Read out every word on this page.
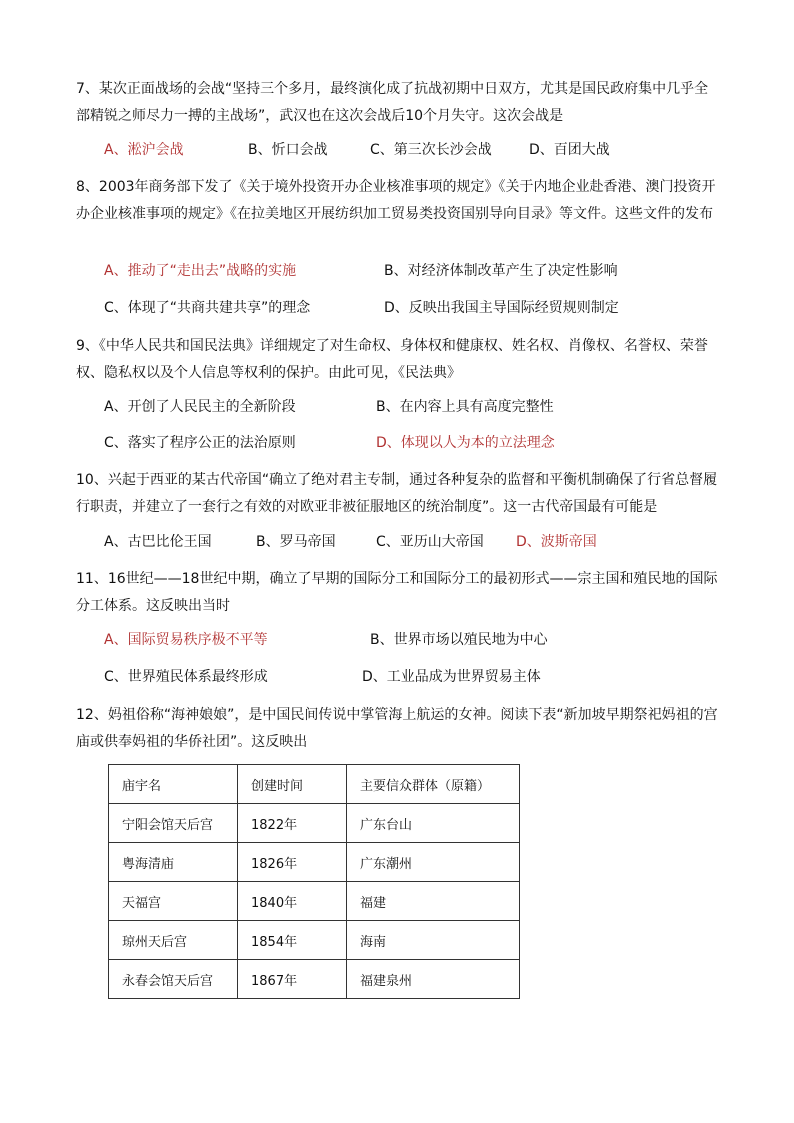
7、某次正面战场的会战“坚持三个多月，最终演化成了抗战初期中日双方，尤其是国民政府集中几乎全部精锐之师尽力一搏的主战场”，武汉也在这次会战后10个月失守。这次会战是
A、淞沪会战	B、忻口会战	C、第三次长沙会战	D、百团大战
8、2003年商务部下发了《关于境外投资开办企业核准事项的规定》《关于内地企业赴香港、澳门投资开办企业核准事项的规定》《在拉美地区开展纺织加工贸易类投资国别导向目录》等文件。这些文件的发布
A、推动了“走出去”战略的实施	B、对经济体制改革产生了决定性影响
C、体现了“共商共建共享”的理念	D、反映出我国主导国际经贸规则制定
9、《中华人民共和国民法典》详细规定了对生命权、身体权和健康权、姓名权、肖像权、名誉权、荣誉权、隐私权以及个人信息等权利的保护。由此可见，《民法典》
A、开创了人民民主的全新阶段	B、在内容上具有高度完整性
C、落实了程序公正的法治原则	D、体现以人为本的立法理念
10、兴起于西亚的某古代帝国“确立了绝对君主专制，通过各种复杂的监督和平衡机制确保了行省总督履行职责，并建立了一套行之有效的对欧亚非被征服地区的统治制度”。这一古代帝国最有可能是
A、古巴比伦王国	B、罗马帝国	C、亚历山大帝国 D、波斯帝国
11、16世纪——18世纪中期，确立了早期的国际分工和国际分工的最初形式——宗主国和殖民地的国际分工体系。这反映出当时
A、国际贸易秩序极不平等	B、世界市场以殖民地为中心
C、世界殖民体系最终形成	D、工业品成为世界贸易主体
12、妈祖俗称“海神娘娘”，是中国民间传说中掌管海上航运的女神。阅读下表“新加坡早期祭祀妈祖的宫庙或供奉妈祖的华侨社团”。这反映出
庙宇名	创建时间	主要信众群体（原籍）
宁阳会馆天后宫	1822年	广东台山
粤海清庙	1826年	广东潮州
天福宫	1840年	福建
琼州天后宫	1854年	海南
永春会馆天后宫	1867年	福建泉州
